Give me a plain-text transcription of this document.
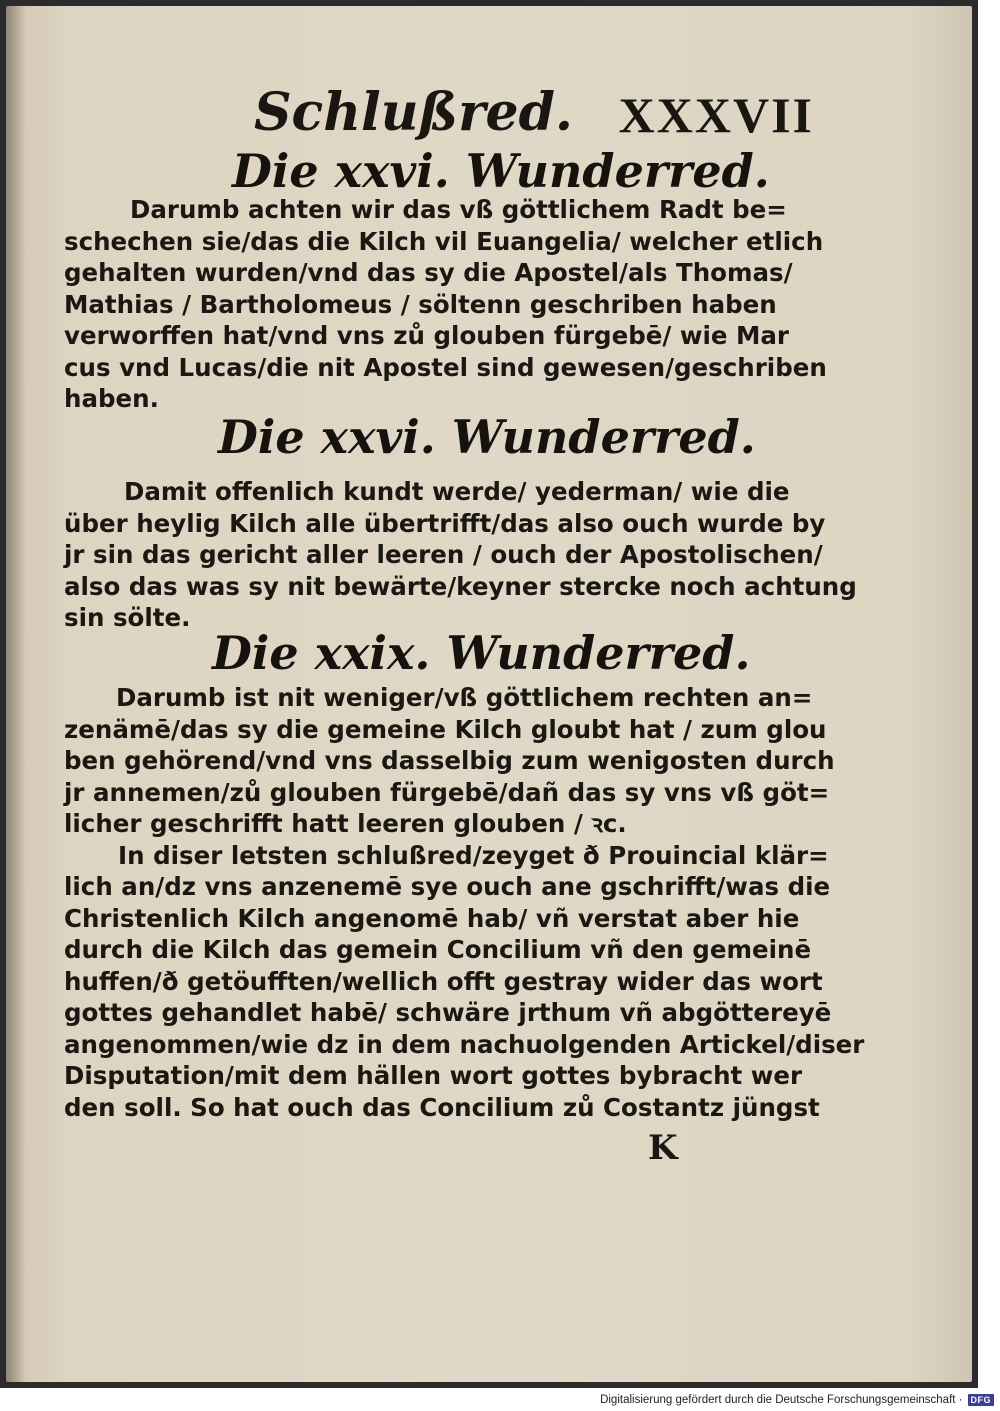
Schlußred. XXXVII
Die xxvi. Wunderred.
Darumb achten wir das vß göttlichem Radt be=
schechen sie/das die Kilch vil Euangelia/ welcher etlich
gehalten wurden/vnd das sy die Apostel/als Thomas/
Mathias / Bartholomeus / söltenn geschriben haben
verworffen hat/vnd vns zů glouben fürgebē/ wie Mar
cus vnd Lucas/die nit Apostel sind gewesen/geschriben
haben.
Die xxvi. Wunderred.
Damit offenlich kundt werde/ yederman/ wie die
über heylig Kilch alle übertrifft/das also ouch wurde by
jr sin das gericht aller leeren / ouch der Apostolischen/
also das was sy nit bewärte/keyner stercke noch achtung
sin sölte.
Die xxix. Wunderred.
Darumb ist nit weniger/vß göttlichem rechten an=
zenämē/das sy die gemeine Kilch gloubt hat / zum glou
ben gehörend/vnd vns dasselbig zum wenigosten durch
jr annemen/zů glouben fürgebē/dañ das sy vns vß göt=
licher geschrifft hatt leeren glouben / ꝛc.
In diser letsten schlußred/zeyget ð Prouincial klär=
lich an/dz vns anzenemē sye ouch ane gschrifft/was die
Christenlich Kilch angenomē hab/ vñ verstat aber hie
durch die Kilch das gemein Concilium vñ den gemeinē
huffen/ð getöufften/wellich offt gestray wider das wort
gottes gehandlet habē/ schwäre jrthum vñ abgöttereyē
angenommen/wie dz in dem nachuolgenden Artickel/diser
Disputation/mit dem hällen wort gottes bybracht wer
den soll. So hat ouch das Concilium zů Costantz jüngst
K
Digitalisierung gefördert durch die Deutsche Forschungsgemeinschaft · DFG
